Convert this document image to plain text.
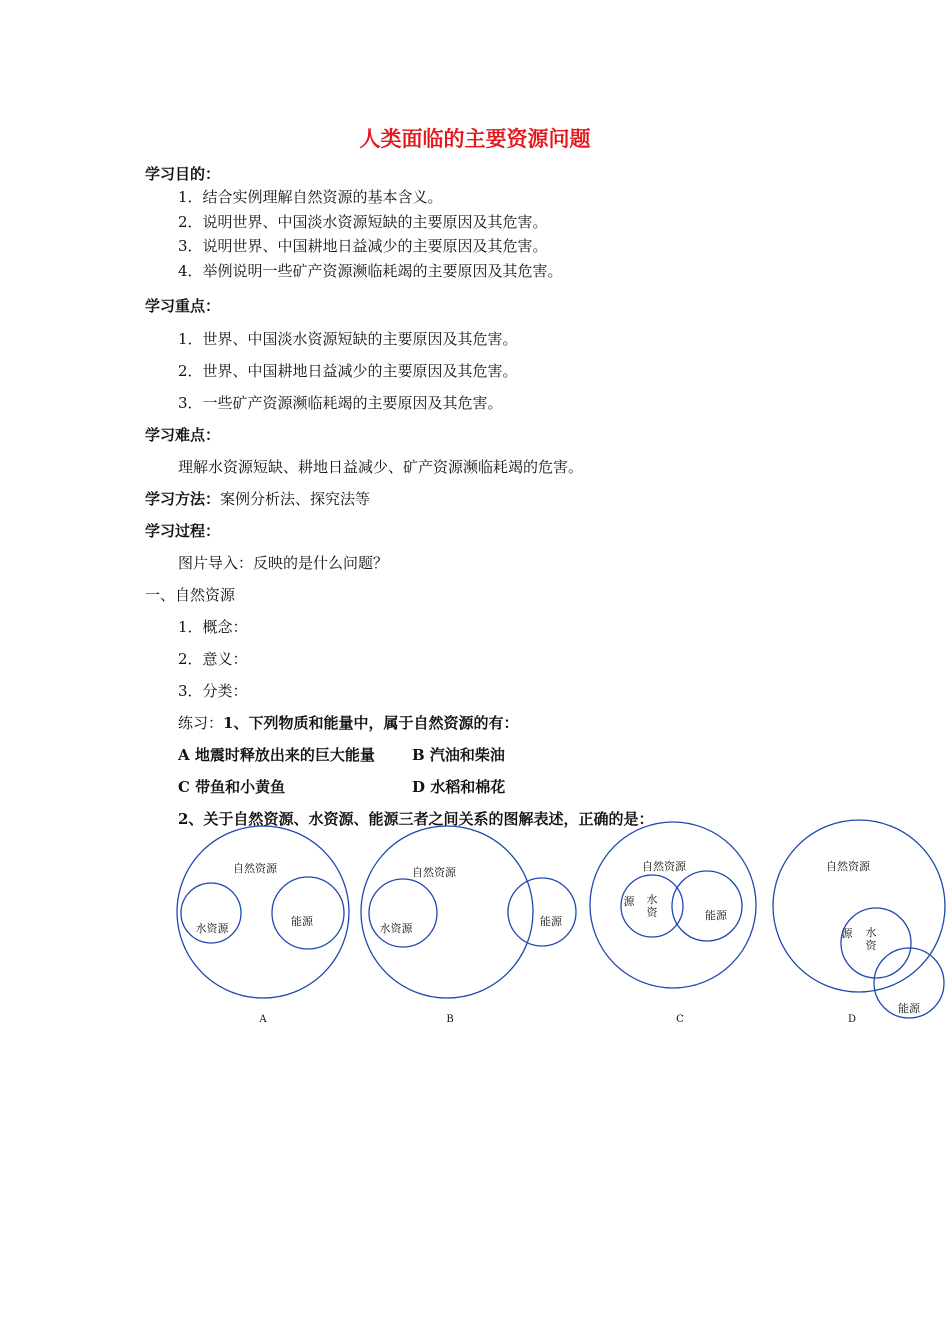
人类面临的主要资源问题
学习目的：
1．结合实例理解自然资源的基本含义。
2．说明世界、中国淡水资源短缺的主要原因及其危害。
3．说明世界、中国耕地日益减少的主要原因及其危害。
4．举例说明一些矿产资源濒临耗竭的主要原因及其危害。
学习重点：
1．世界、中国淡水资源短缺的主要原因及其危害。
2．世界、中国耕地日益减少的主要原因及其危害。
3．一些矿产资源濒临耗竭的主要原因及其危害。
学习难点：
理解水资源短缺、耕地日益减少、矿产资源濒临耗竭的危害。
学习方法：案例分析法、探究法等
学习过程：
图片导入：反映的是什么问题？
一、自然资源
1．概念：
2．意义：
3．分类：
练习：1、下列物质和能量中，属于自然资源的有：
A 地震时释放出来的巨大能量 B 汽油和柴油
C 带鱼和小黄鱼	D 水稻和棉花
2、关于自然资源、水资源、能源三者之间关系的图解表述，正确的是：
自然资源
水资源
能源
A
自然资源
水资源
能源
B
自然资源
源 水
资	能源
C
自然资源
源 水
资
能源
D
